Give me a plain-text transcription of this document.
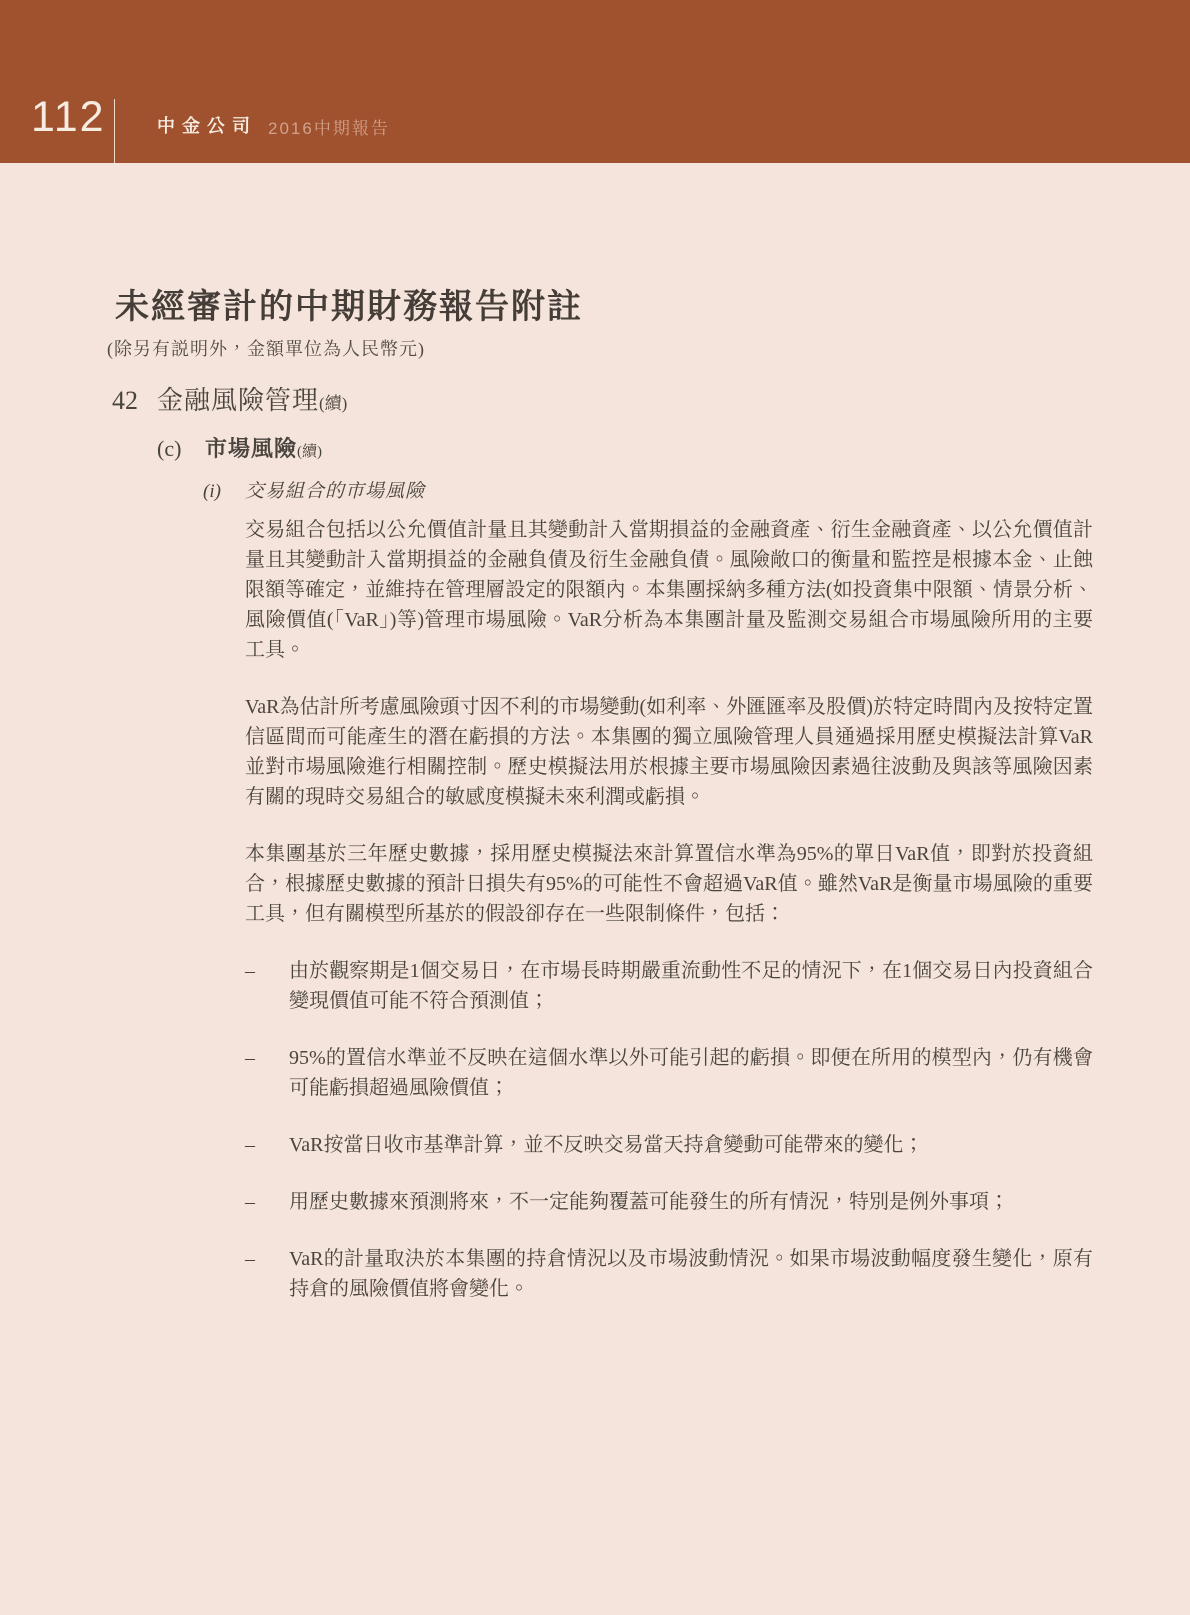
112	中金公司 2016中期報告
未經審計的中期財務報告附註
(除另有説明外，金額單位為人民幣元)
42 金融風險管理 (續)
(c)	市場風險 (續)
(i)	交易組合的市場風險

交易組合包括以公允價值計量且其變動計入當期損益的金融資產、衍生金融資產、以公允價值計量且其變動計入當期損益的金融負債及衍生金融負債。風險敞口的衡量和監控是根據本金、止蝕限額等確定，並維持在管理層設定的限額內。本集團採納多種方法(如投資集中限額、情景分析、風險價值(「VaR」)等)管理市場風險。VaR分析為本集團計量及監測交易組合市場風險所用的主要工具。

VaR為估計所考慮風險頭寸因不利的市場變動(如利率、外匯匯率及股價)於特定時間內及按特定置信區間而可能產生的潛在虧損的方法。本集團的獨立風險管理人員通過採用歷史模擬法計算VaR並對市場風險進行相關控制。歷史模擬法用於根據主要市場風險因素過往波動及與該等風險因素有關的現時交易組合的敏感度模擬未來利潤或虧損。

本集團基於三年歷史數據，採用歷史模擬法來計算置信水準為95%的單日VaR值，即對於投資組合，根據歷史數據的預計日損失有95%的可能性不會超過VaR值。雖然VaR是衡量市場風險的重要工具，但有關模型所基於的假設卻存在一些限制條件，包括：

–	由於觀察期是1個交易日，在市場長時期嚴重流動性不足的情況下，在1個交易日內投資組合變現價值可能不符合預測值；
–	95%的置信水準並不反映在這個水準以外可能引起的虧損。即便在所用的模型內，仍有機會可能虧損超過風險價值；
–	VaR按當日收市基準計算，並不反映交易當天持倉變動可能帶來的變化；
–	用歷史數據來預測將來，不一定能夠覆蓋可能發生的所有情況，特別是例外事項；
–	VaR的計量取決於本集團的持倉情況以及市場波動情況。如果市場波動幅度發生變化，原有持倉的風險價值將會變化。
